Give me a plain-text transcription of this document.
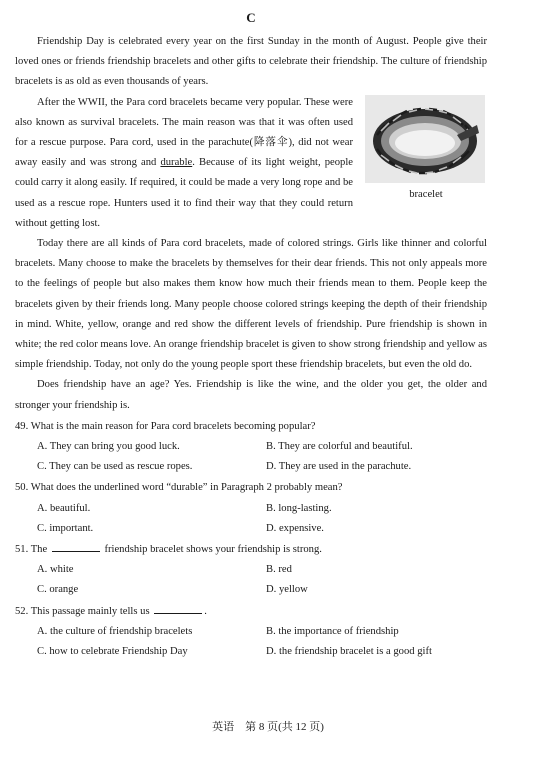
C

Friendship Day is celebrated every year on the first Sunday in the month of August. People give their loved ones or friends friendship bracelets and other gifts to celebrate their friendship. The culture of friendship bracelets is as old as even thousands of years.

bracelet

After the WWII, the Para cord bracelets became very popular. These were also known as survival bracelets. The main reason was that it was often used for a rescue purpose. Para cord, used in the parachute(降落伞), did not wear away easily and was strong and durable. Because of its light weight, people could carry it along easily. If required, it could be made a very long rope and be used as a rescue rope. Hunters used it to find their way that they could return without getting lost.

Today there are all kinds of Para cord bracelets, made of colored strings. Girls like thinner and colorful bracelets. Many choose to make the bracelets by themselves for their dear friends. This not only appeals more to the feelings of people but also makes them know how much their friends mean to them. People keep the bracelets given by their friends long. Many people choose colored strings keeping the depth of their friendship in mind. White, yellow, orange and red show the different levels of friendship. Pure friendship is shown in white; the red color means love. An orange friendship bracelet is given to show strong friendship and yellow as simple friendship. Today, not only do the young people sport these friendship bracelets, but even the old do.

Does friendship have an age? Yes. Friendship is like the wine, and the older you get, the older and stronger your friendship is.

49. What is the main reason for Para cord bracelets becoming popular?
A. They can bring you good luck.	B. They are colorful and beautiful.
C. They can be used as rescue ropes.	D. They are used in the parachute.
50. What does the underlined word “durable” in Paragraph 2 probably mean?
A. beautiful.	B. long-lasting.
C. important.	D. expensive.
51. The	friendship bracelet shows your friendship is strong.
A. white	B. red
C. orange	D. yellow
52. This passage mainly tells us	.
A. the culture of friendship bracelets	B. the importance of friendship
C. how to celebrate Friendship Day	D. the friendship bracelet is a good gift
英语　第 8 页(共 12 页)
